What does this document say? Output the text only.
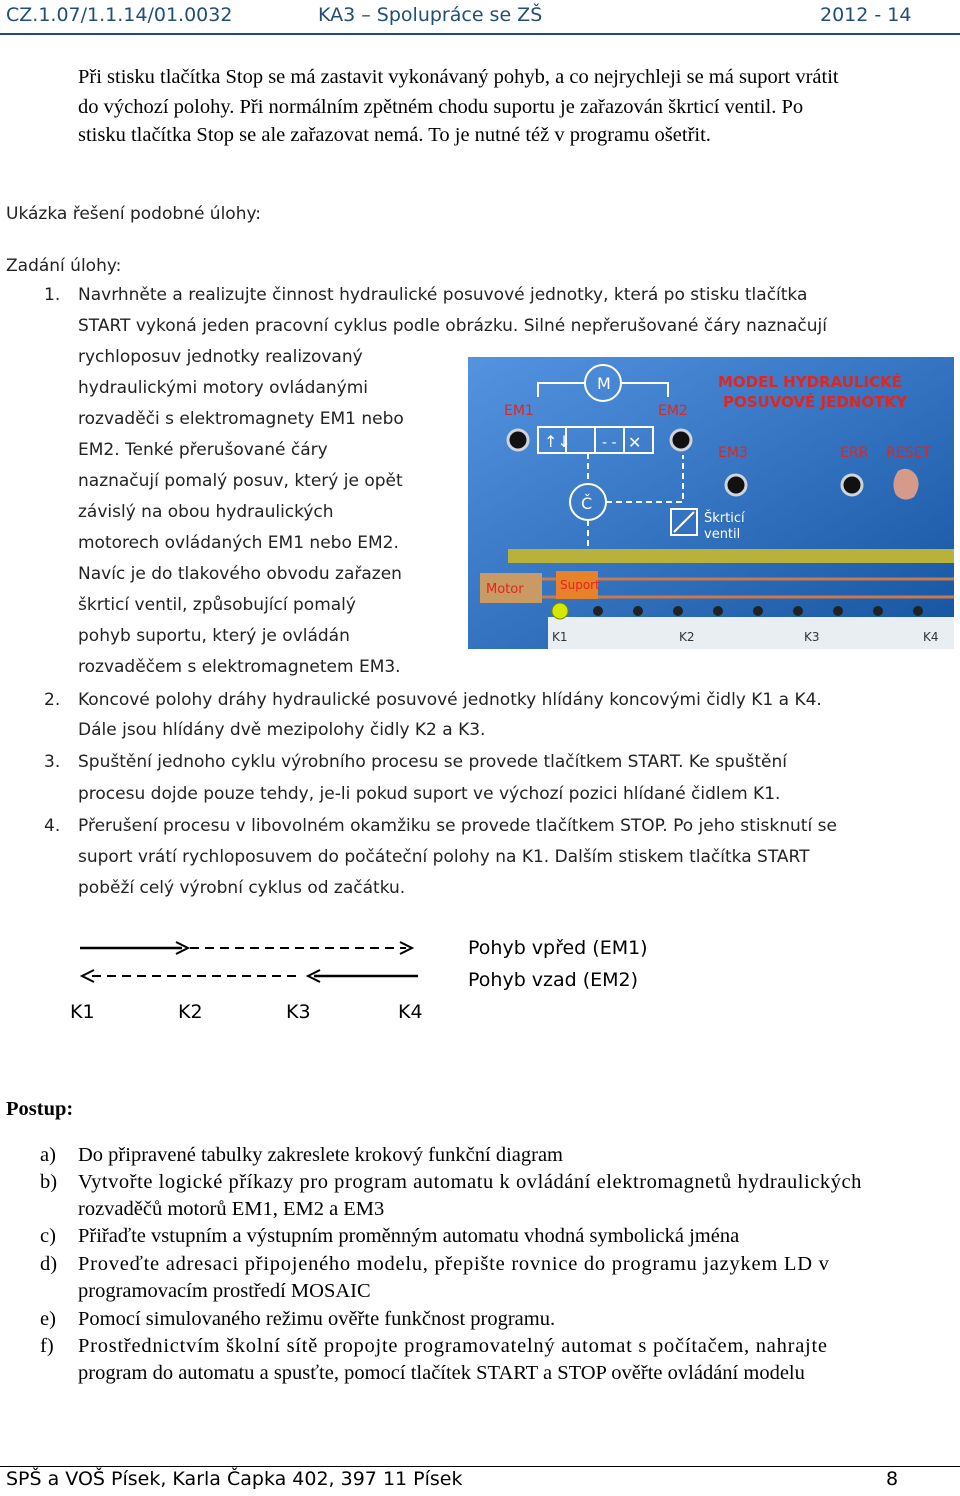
CZ.1.07/1.1.14/01.0032	KA3 – Spolupráce se ZŠ	2012 - 14
Při stisku tlačítka Stop se má zastavit vykonávaný pohyb, a co nejrychleji se má suport vrátit
do výchozí polohy. Při normálním zpětném chodu suportu je zařazován škrticí ventil. Po
stisku tlačítka Stop se ale zařazovat nemá. To je nutné též v programu ošetřit.
Ukázka řešení podobné úlohy:
Zadání úlohy:
1. Navrhněte a realizujte činnost hydraulické posuvové jednotky, která po stisku tlačítka
START vykoná jeden pracovní cyklus podle obrázku. Silné nepřerušované čáry naznačují
rychloposuv jednotky realizovaný
hydraulickými motory ovládanými
rozvaděči s elektromagnety EM1 nebo
EM2. Tenké přerušované čáry
naznačují pomalý posuv, který je opět
závislý na obou hydraulických
motorech ovládaných EM1 nebo EM2.
Navíc je do tlakového obvodu zařazen
škrticí ventil, způsobující pomalý
pohyb suportu, který je ovládán
rozvaděčem s elektromagnetem EM3.
MODEL HYDRAULICKÉ
POSUVOVÉ JEDNOTKY
EM1	EM2
EM3
M
↑↓ - - ✕
ERR RESET
Č
Škrticí
ventil
Motor	Suport
K1	K2	K3	K4
2. Koncové polohy dráhy hydraulické posuvové jednotky hlídány koncovými čidly K1 a K4.
Dále jsou hlídány dvě mezipolohy čidly K2 a K3.
3. Spuštění jednoho cyklu výrobního procesu se provede tlačítkem START. Ke spuštění
procesu dojde pouze tehdy, je-li pokud suport ve výchozí pozici hlídané čidlem K1.
4. Přerušení procesu v libovolném okamžiku se provede tlačítkem STOP. Po jeho stisknutí se
suport vrátí rychloposuvem do počáteční polohy na K1. Dalším stiskem tlačítka START
poběží celý výrobní cyklus od začátku.
K1	K2	K3	K4
Pohyb vpřed (EM1)
Pohyb vzad (EM2)
Postup:
a) Do připravené tabulky zakreslete krokový funkční diagram
b) Vytvořte logické příkazy pro program automatu k ovládání elektromagnetů hydraulických
rozvaděčů motorů EM1, EM2 a EM3
c) Přiřaďte vstupním a výstupním proměnným automatu vhodná symbolická jména
d) Proveďte adresaci připojeného modelu, přepište rovnice do programu jazykem LD v
programovacím prostředí MOSAIC
e) Pomocí simulovaného režimu ověřte funkčnost programu.
f) Prostřednictvím školní sítě propojte programovatelný automat s počítačem, nahrajte
program do automatu a spusťte, pomocí tlačítek START a STOP ověřte ovládání modelu
SPŠ a VOŠ Písek, Karla Čapka 402, 397 11 Písek	8
